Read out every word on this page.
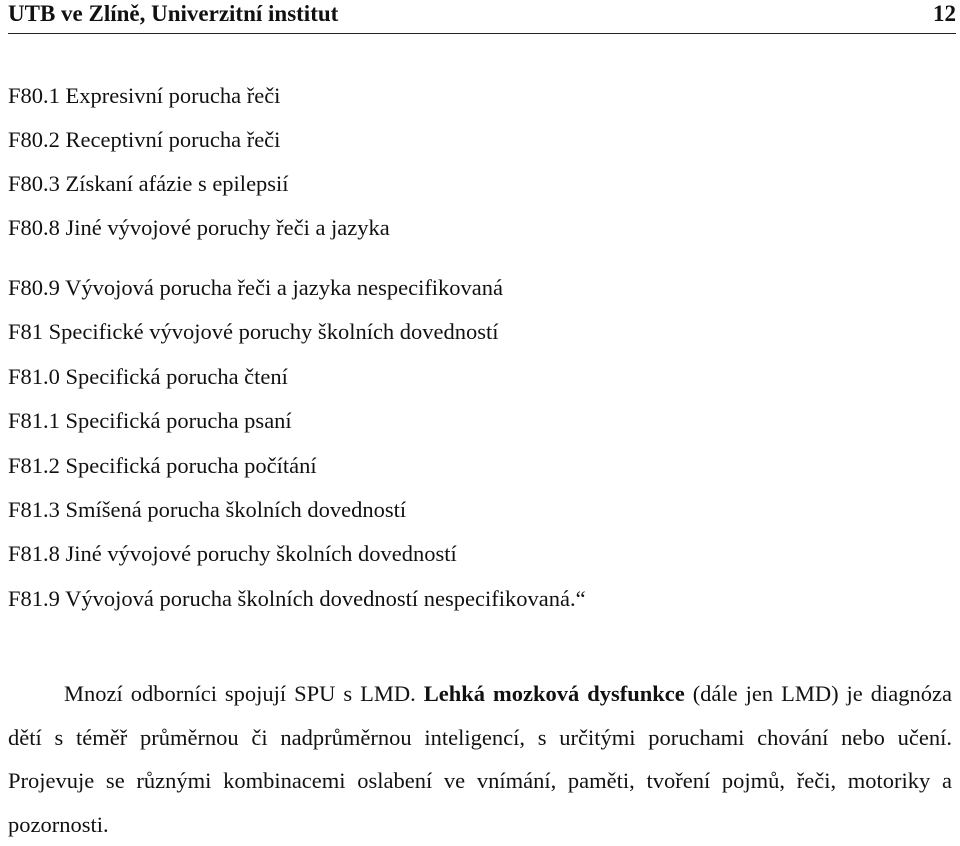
UTB ve Zlíně, Univerzitní institut	12
F80.1 Expresivní porucha řeči
F80.2 Receptivní porucha řeči
F80.3 Získaní afázie s epilepsií
F80.8 Jiné vývojové poruchy řeči a jazyka
F80.9 Vývojová porucha řeči a jazyka nespecifikovaná
F81 Specifické vývojové poruchy školních dovedností
F81.0 Specifická porucha čtení
F81.1 Specifická porucha psaní
F81.2 Specifická porucha počítání
F81.3 Smíšená porucha školních dovedností
F81.8 Jiné vývojové poruchy školních dovedností
F81.9 Vývojová porucha školních dovedností nespecifikovaná.“

Mnozí odborníci spojují SPU s LMD. Lehká mozková dysfunkce (dále jen LMD) je diagnóza dětí s téměř průměrnou či nadprůměrnou inteligencí, s určitými poruchami chování nebo učení. Projevuje se různými kombinacemi oslabení ve vnímání, paměti, tvoření pojmů, řeči, motoriky a pozornosti.
